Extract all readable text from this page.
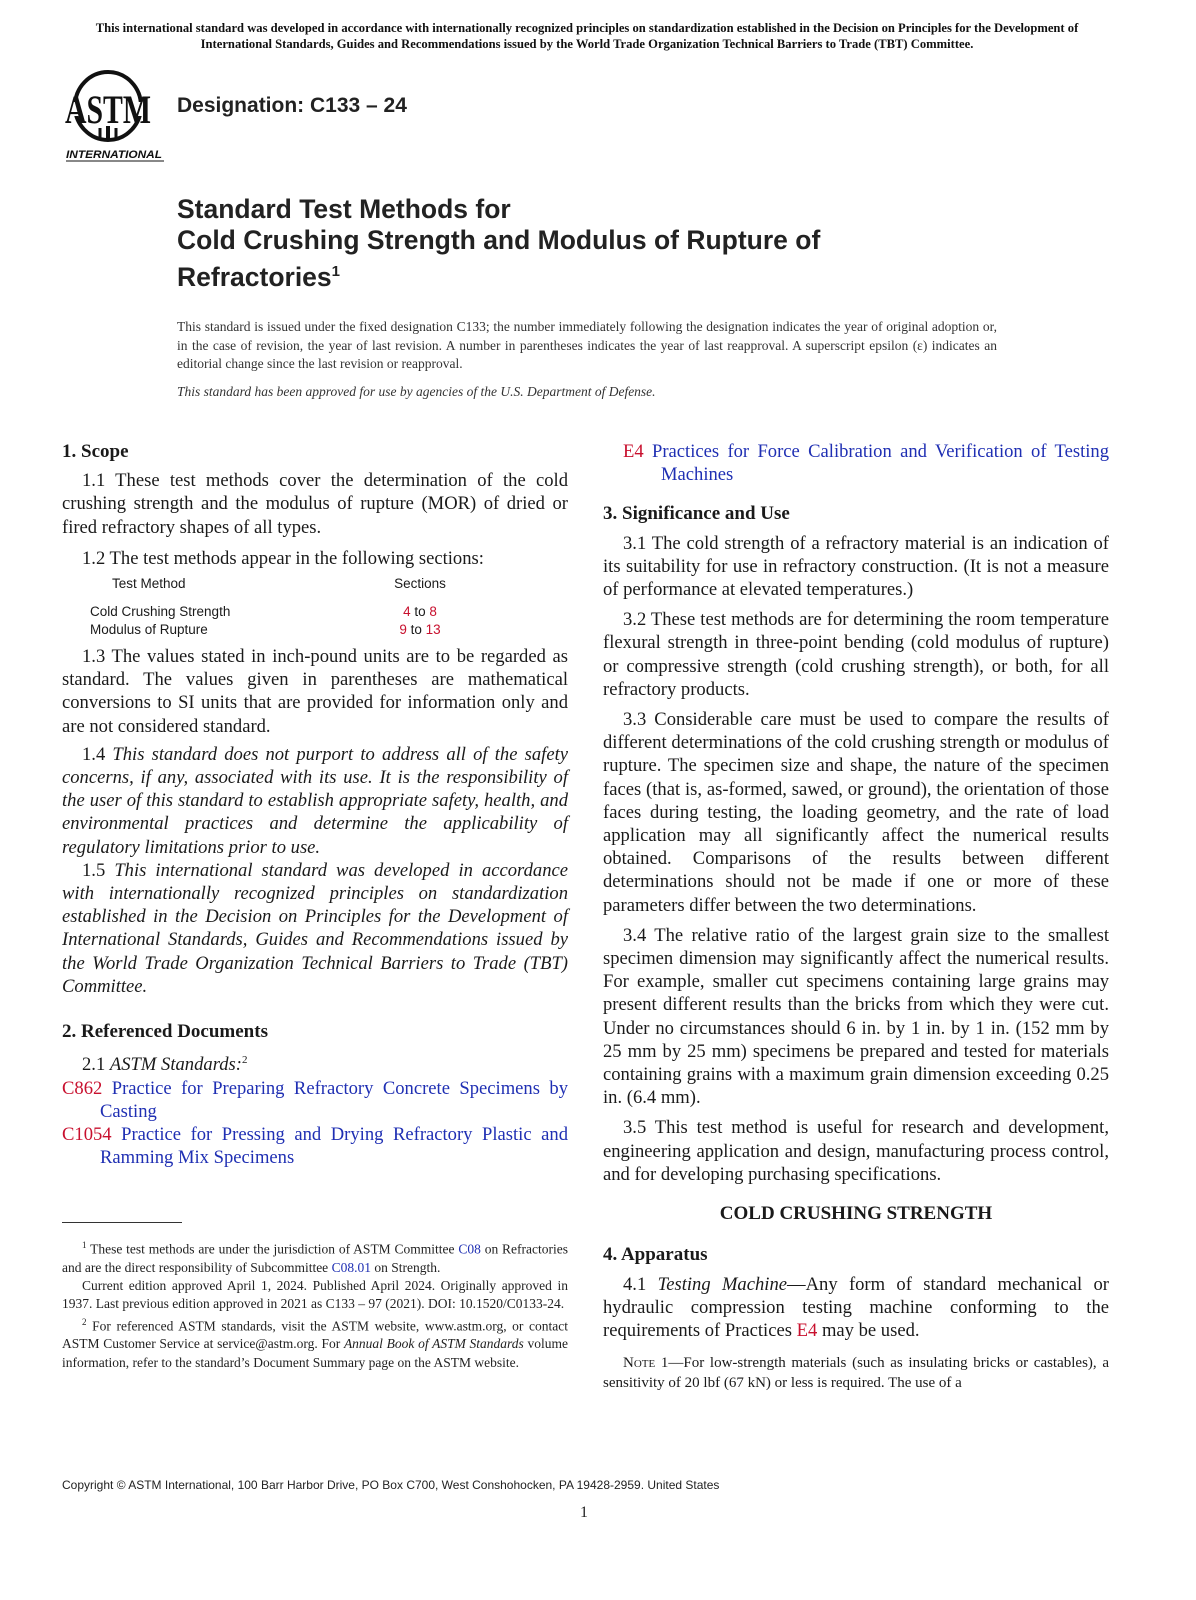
This international standard was developed in accordance with internationally recognized principles on standardization established in the Decision on Principles for the Development of International Standards, Guides and Recommendations issued by the World Trade Organization Technical Barriers to Trade (TBT) Committee.
ASTM
INTERNATIONAL
Designation: C133 – 24
Standard Test Methods for
Cold Crushing Strength and Modulus of Rupture of
Refractories$^1$
This standard is issued under the fixed designation C133; the number immediately following the designation indicates the year of original adoption or, in the case of revision, the year of last revision. A number in parentheses indicates the year of last reapproval. A superscript epsilon (ε) indicates an editorial change since the last revision or reapproval.
This standard has been approved for use by agencies of the U.S. Department of Defense.
1. Scope

1.1 These test methods cover the determination of the cold crushing strength and the modulus of rupture (MOR) of dried or fired refractory shapes of all types.

1.2 The test methods appear in the following sections:

Test Method	Sections
Cold Crushing Strength	4 to 8
Modulus of Rupture	9 to 13

1.3 The values stated in inch-pound units are to be regarded as standard. The values given in parentheses are mathematical conversions to SI units that are provided for information only and are not considered standard.

1.4 This standard does not purport to address all of the safety concerns, if any, associated with its use. It is the responsibility of the user of this standard to establish appropriate safety, health, and environmental practices and determine the applicability of regulatory limitations prior to use.

1.5 This international standard was developed in accordance with internationally recognized principles on standardization established in the Decision on Principles for the Development of International Standards, Guides and Recommendations issued by the World Trade Organization Technical Barriers to Trade (TBT) Committee.

2. Referenced Documents

2.1 ASTM Standards:$^2$

C862 Practice for Preparing Refractory Concrete Specimens by Casting

C1054 Practice for Pressing and Drying Refractory Plastic and Ramming Mix Specimens

$^1$ These test methods are under the jurisdiction of ASTM Committee C08 on Refractories and are the direct responsibility of Subcommittee C08.01 on Strength.

Current edition approved April 1, 2024. Published April 2024. Originally approved in 1937. Last previous edition approved in 2021 as C133 – 97 (2021). DOI: 10.1520/C0133-24.

$^2$ For referenced ASTM standards, visit the ASTM website, www.astm.org, or contact ASTM Customer Service at service@astm.org. For Annual Book of ASTM Standards volume information, refer to the standard’s Document Summary page on the ASTM website.

E4 Practices for Force Calibration and Verification of Testing Machines

3. Significance and Use

3.1 The cold strength of a refractory material is an indication of its suitability for use in refractory construction. (It is not a measure of performance at elevated temperatures.)

3.2 These test methods are for determining the room temperature flexural strength in three-point bending (cold modulus of rupture) or compressive strength (cold crushing strength), or both, for all refractory products.

3.3 Considerable care must be used to compare the results of different determinations of the cold crushing strength or modulus of rupture. The specimen size and shape, the nature of the specimen faces (that is, as-formed, sawed, or ground), the orientation of those faces during testing, the loading geometry, and the rate of load application may all significantly affect the numerical results obtained. Comparisons of the results between different determinations should not be made if one or more of these parameters differ between the two determinations.

3.4 The relative ratio of the largest grain size to the smallest specimen dimension may significantly affect the numerical results. For example, smaller cut specimens containing large grains may present different results than the bricks from which they were cut. Under no circumstances should 6 in. by 1 in. by 1 in. (152 mm by 25 mm by 25 mm) specimens be prepared and tested for materials containing grains with a maximum grain dimension exceeding 0.25 in. (6.4 mm).

3.5 This test method is useful for research and development, engineering application and design, manufacturing process control, and for developing purchasing specifications.

COLD CRUSHING STRENGTH
4. Apparatus

4.1 Testing Machine—Any form of standard mechanical or hydraulic compression testing machine conforming to the requirements of Practices E4 may be used.

Note 1—For low-strength materials (such as insulating bricks or castables), a sensitivity of 20 lbf (67 kN) or less is required. The use of a

Copyright © ASTM International, 100 Barr Harbor Drive, PO Box C700, West Conshohocken, PA 19428-2959. United States
1
